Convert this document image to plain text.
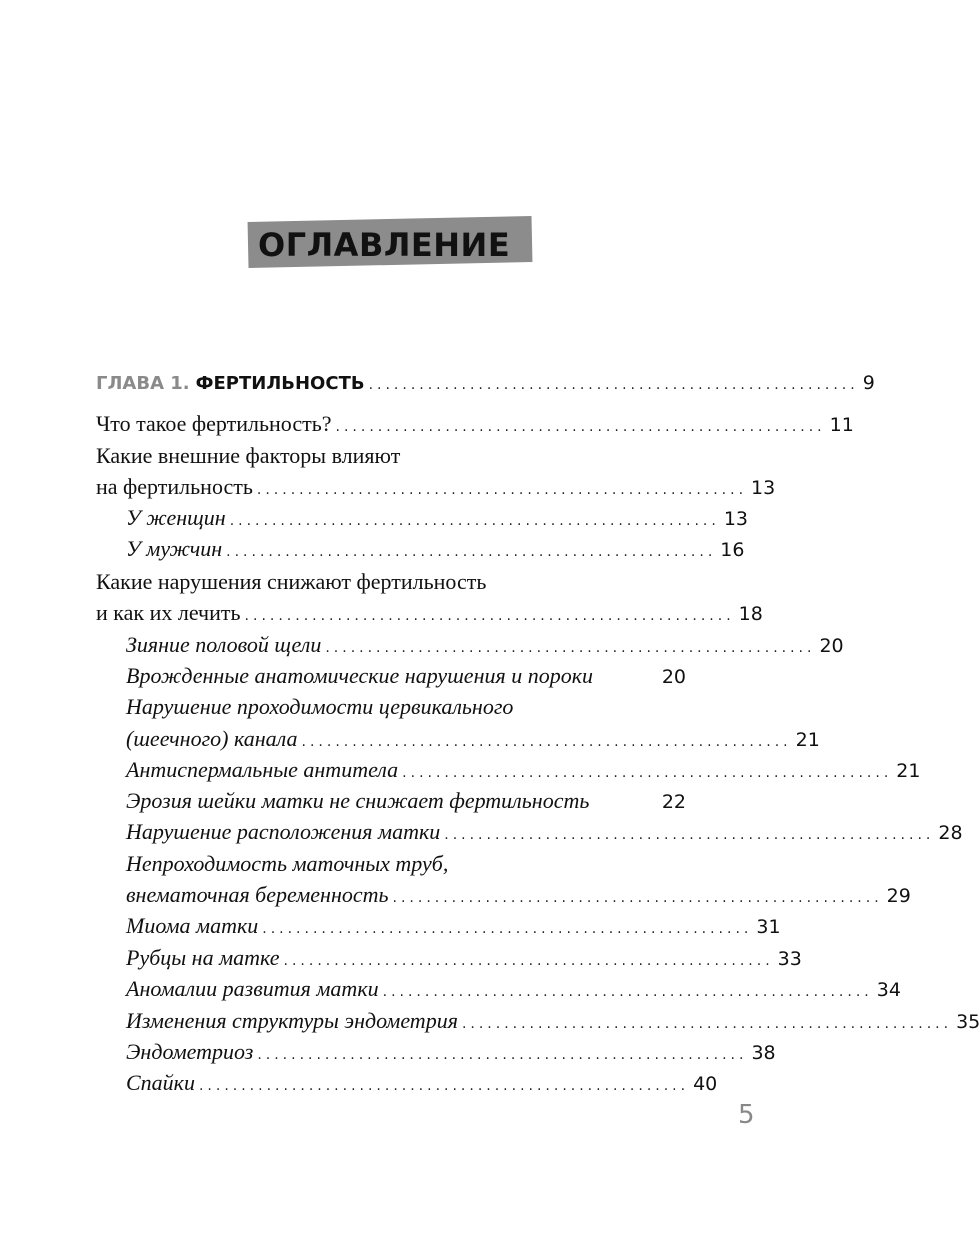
ОГЛАВЛЕНИЕ
ГЛАВА 1. ФЕРТИЛЬНОСТЬ .......................................................... 9
Что такое фертильность? .......................................................... 11
Какие внешние факторы влияют
на фертильность .......................................................... 13
У женщин .......................................................... 13
У мужчин .......................................................... 16
Какие нарушения снижают фертильность
и как их лечить .......................................................... 18
Зияние половой щели .......................................................... 20
Врожденные анатомические нарушения и пороки	20
Нарушение проходимости цервикального
(шеечного) канала .......................................................... 21
Антиспермальные антитела .......................................................... 21
Эрозия шейки матки не снижает фертильность	22
Нарушение расположения матки .......................................................... 28
Непроходимость маточных труб,
внематочная беременность .......................................................... 29
Миома матки .......................................................... 31
Рубцы на матке .......................................................... 33
Аномалии развития матки .......................................................... 34
Изменения структуры эндометрия .......................................................... 35
Эндометриоз .......................................................... 38
Спайки .......................................................... 40
5
